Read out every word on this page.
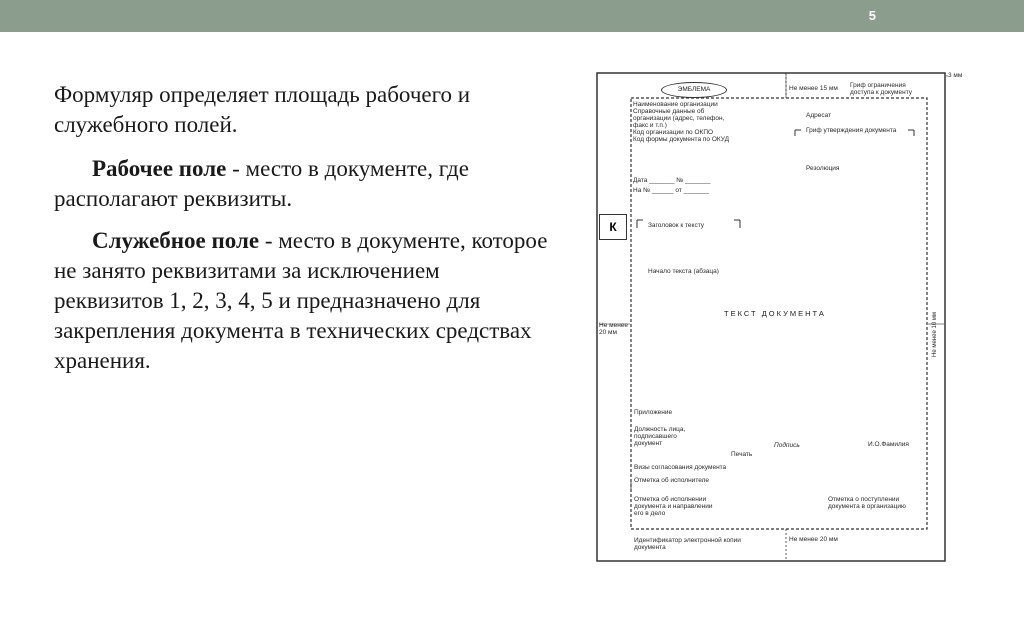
5

Формуляр определяет площадь рабочего и служебного полей.

Рабочее поле - место в документе, где располагают реквизиты.

Служебное поле - место в документе, которое не занято реквизитами за исключением реквизитов 1, 2, 3, 4, 5 и предназначено для закрепления документа в технических средствах хранения.

ЭМБЛЕМА
Наименование организации
Справочные данные об
организации (адрес, телефон,
факс и т.п.)
Код организации по ОКПО
Код формы документа по ОКУД
Не менее 15 мм	Гриф ограничения доступа к документу
3 мм
Адресат
Гриф утверждения документа
Резолюция
Дата _______ № _______
На № ______ от _______
К	Заголовок к тексту
Начало текста (абзаца)
ТЕКСТ ДОКУМЕНТА
Не менее 20 мм	Не менее 10 мм
Приложение
Должность лица, подписавшего документ	Подпись
Печать
И.О.Фамилия
Визы согласования документа
Отметка об исполнителе
Отметка об исполнении документа и направлении его в дело
Отметка о поступлении документа в организацию
Идентификатор электронной копии документа
Не менее 20 мм
